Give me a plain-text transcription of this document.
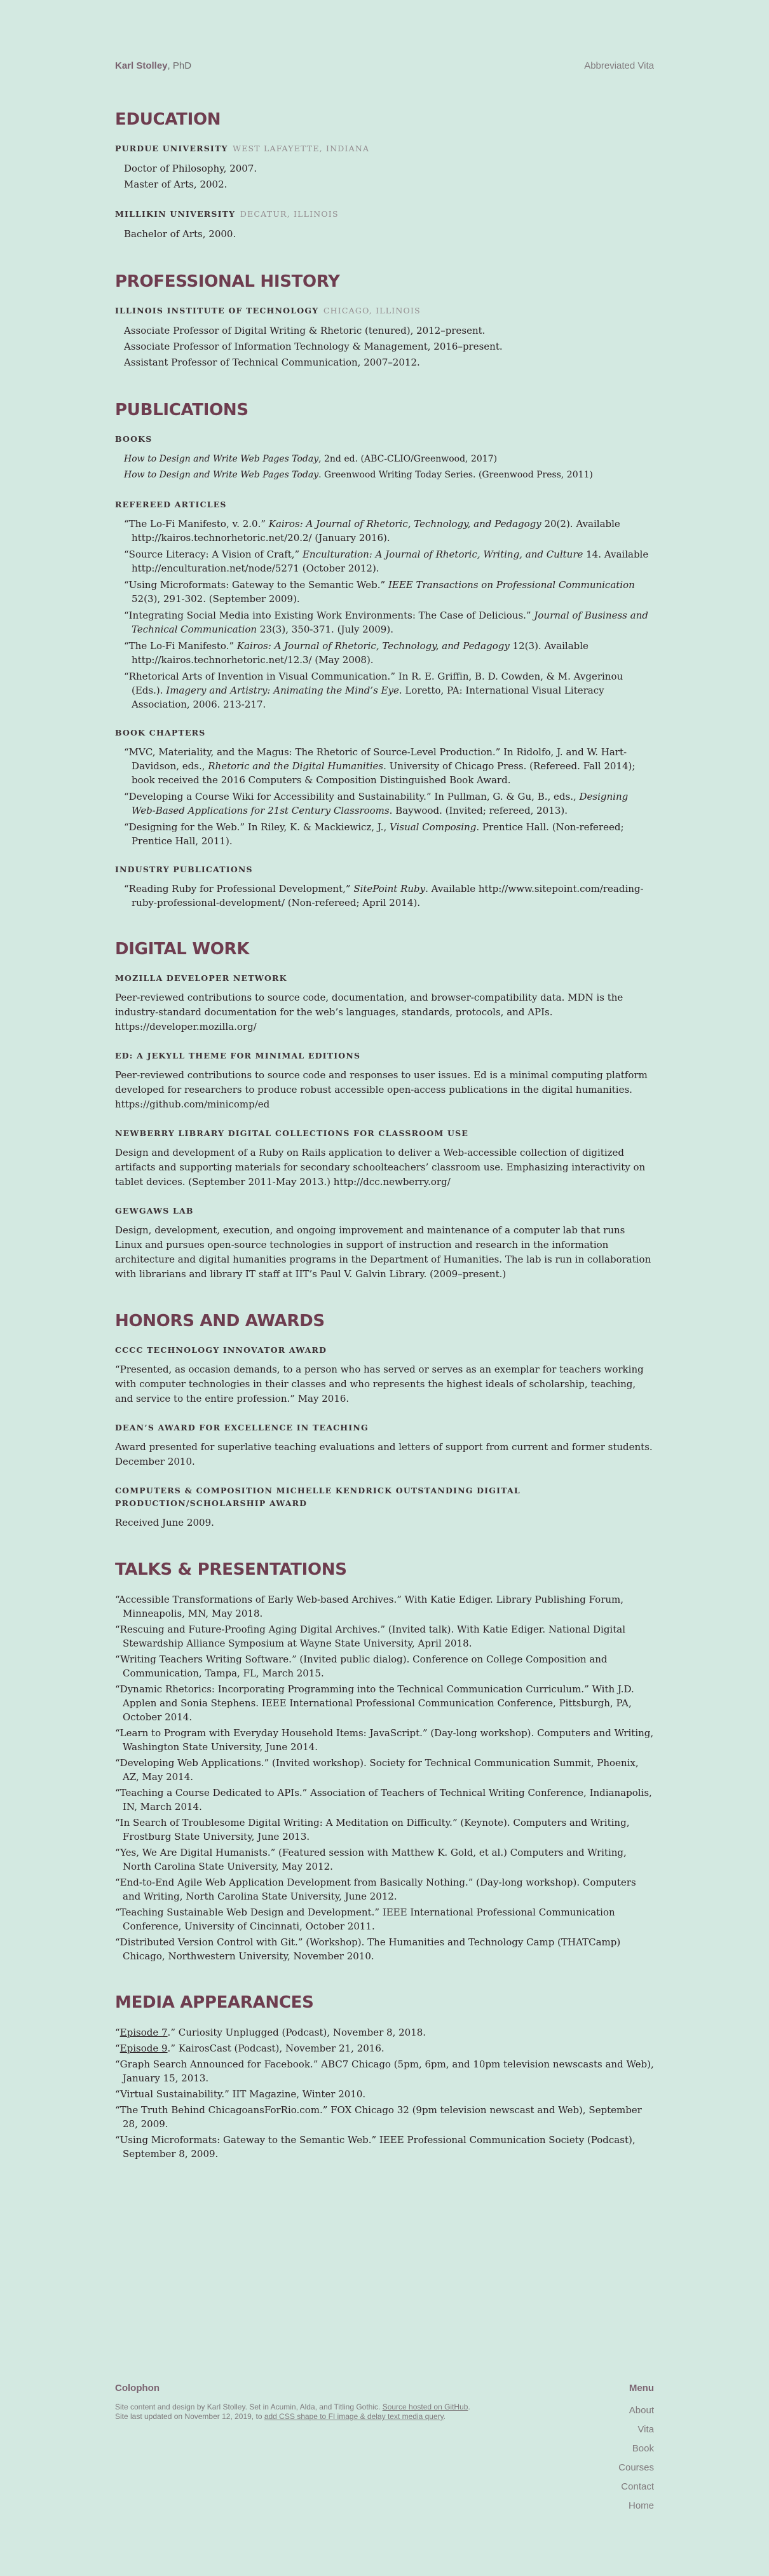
Karl Stolley, PhD	Abbreviated Vita
EDUCATION
PURDUE UNIVERSITY WEST LAFAYETTE, INDIANA
Doctor of Philosophy, 2007.
Master of Arts, 2002.
MILLIKIN UNIVERSITY DECATUR, ILLINOIS
Bachelor of Arts, 2000.
PROFESSIONAL HISTORY
ILLINOIS INSTITUTE OF TECHNOLOGY CHICAGO, ILLINOIS
Associate Professor of Digital Writing & Rhetoric (tenured), 2012–present.
Associate Professor of Information Technology & Management, 2016–present.
Assistant Professor of Technical Communication, 2007–2012.
PUBLICATIONS
BOOKS
How to Design and Write Web Pages Today, 2nd ed. (ABC-CLIO/Greenwood, 2017)
How to Design and Write Web Pages Today. Greenwood Writing Today Series. (Greenwood Press, 2011)
REFEREED ARTICLES
“The Lo-Fi Manifesto, v. 2.0.” Kairos: A Journal of Rhetoric, Technology, and Pedagogy 20(2). Available http://kairos.technorhetoric.net/20.2/ (January 2016).
“Source Literacy: A Vision of Craft,” Enculturation: A Journal of Rhetoric, Writing, and Culture 14. Available http://enculturation.net/node/5271 (October 2012).
“Using Microformats: Gateway to the Semantic Web.” IEEE Transactions on Professional Communication 52(3), 291-302. (September 2009).
“Integrating Social Media into Existing Work Environments: The Case of Delicious.” Journal of Business and Technical Communication 23(3), 350-371. (July 2009).
“The Lo-Fi Manifesto.” Kairos: A Journal of Rhetoric, Technology, and Pedagogy 12(3). Available http://kairos.technorhetoric.net/12.3/ (May 2008).
“Rhetorical Arts of Invention in Visual Communication.” In R. E. Griffin, B. D. Cowden, & M. Avgerinou (Eds.). Imagery and Artistry: Animating the Mind’s Eye. Loretto, PA: International Visual Literacy Association, 2006. 213-217.
BOOK CHAPTERS
“MVC, Materiality, and the Magus: The Rhetoric of Source-Level Production.” In Ridolfo, J. and W. Hart-Davidson, eds., Rhetoric and the Digital Humanities. University of Chicago Press. (Refereed. Fall 2014); book received the 2016 Computers & Composition Distinguished Book Award.
“Developing a Course Wiki for Accessibility and Sustainability.” In Pullman, G. & Gu, B., eds., Designing Web-Based Applications for 21st Century Classrooms. Baywood. (Invited; refereed, 2013).
“Designing for the Web.” In Riley, K. & Mackiewicz, J., Visual Composing. Prentice Hall. (Non-refereed; Prentice Hall, 2011).
INDUSTRY PUBLICATIONS
“Reading Ruby for Professional Development,” SitePoint Ruby. Available http://www.sitepoint.com/reading-ruby-professional-development/ (Non-refereed; April 2014).
DIGITAL WORK
MOZILLA DEVELOPER NETWORK
Peer-reviewed contributions to source code, documentation, and browser-compatibility data. MDN is the industry-standard documentation for the web’s languages, standards, protocols, and APIs. https://developer.mozilla.org/
ED: A JEKYLL THEME FOR MINIMAL EDITIONS
Peer-reviewed contributions to source code and responses to user issues. Ed is a minimal computing platform developed for researchers to produce robust accessible open-access publications in the digital humanities. https://github.com/minicomp/ed
NEWBERRY LIBRARY DIGITAL COLLECTIONS FOR CLASSROOM USE
Design and development of a Ruby on Rails application to deliver a Web-accessible collection of digitized artifacts and supporting materials for secondary schoolteachers’ classroom use. Emphasizing interactivity on tablet devices. (September 2011-May 2013.) http://dcc.newberry.org/
GEWGAWS LAB
Design, development, execution, and ongoing improvement and maintenance of a computer lab that runs Linux and pursues open-source technologies in support of instruction and research in the information architecture and digital humanities programs in the Department of Humanities. The lab is run in collaboration with librarians and library IT staff at IIT’s Paul V. Galvin Library. (2009–present.)
HONORS AND AWARDS
CCCC TECHNOLOGY INNOVATOR AWARD
“Presented, as occasion demands, to a person who has served or serves as an exemplar for teachers working with computer technologies in their classes and who represents the highest ideals of scholarship, teaching, and service to the entire profession.” May 2016.
DEAN’S AWARD FOR EXCELLENCE IN TEACHING
Award presented for superlative teaching evaluations and letters of support from current and former students. December 2010.
COMPUTERS & COMPOSITION MICHELLE KENDRICK OUTSTANDING DIGITAL PRODUCTION/SCHOLARSHIP AWARD
Received June 2009.
TALKS & PRESENTATIONS
“Accessible Transformations of Early Web-based Archives.” With Katie Ediger. Library Publishing Forum, Minneapolis, MN, May 2018.
“Rescuing and Future-Proofing Aging Digital Archives.” (Invited talk). With Katie Ediger. National Digital Stewardship Alliance Symposium at Wayne State University, April 2018.
“Writing Teachers Writing Software.” (Invited public dialog). Conference on College Composition and Communication, Tampa, FL, March 2015.
“Dynamic Rhetorics: Incorporating Programming into the Technical Communication Curriculum.” With J.D. Applen and Sonia Stephens. IEEE International Professional Communication Conference, Pittsburgh, PA, October 2014.
“Learn to Program with Everyday Household Items: JavaScript.” (Day-long workshop). Computers and Writing, Washington State University, June 2014.
“Developing Web Applications.” (Invited workshop). Society for Technical Communication Summit, Phoenix, AZ, May 2014.
“Teaching a Course Dedicated to APIs.” Association of Teachers of Technical Writing Conference, Indianapolis, IN, March 2014.
“In Search of Troublesome Digital Writing: A Meditation on Difficulty.” (Keynote). Computers and Writing, Frostburg State University, June 2013.
“Yes, We Are Digital Humanists.” (Featured session with Matthew K. Gold, et al.) Computers and Writing, North Carolina State University, May 2012.
“End-to-End Agile Web Application Development from Basically Nothing.” (Day-long workshop). Computers and Writing, North Carolina State University, June 2012.
“Teaching Sustainable Web Design and Development.” IEEE International Professional Communication Conference, University of Cincinnati, October 2011.
“Distributed Version Control with Git.” (Workshop). The Humanities and Technology Camp (THATCamp) Chicago, Northwestern University, November 2010.
MEDIA APPEARANCES
“Episode 7.” Curiosity Unplugged (Podcast), November 8, 2018.
“Episode 9.” KairosCast (Podcast), November 21, 2016.
“Graph Search Announced for Facebook.” ABC7 Chicago (5pm, 6pm, and 10pm television newscasts and Web), January 15, 2013.
“Virtual Sustainability.” IIT Magazine, Winter 2010.
“The Truth Behind ChicagoansForRio.com.” FOX Chicago 32 (9pm television newscast and Web), September 28, 2009.
“Using Microformats: Gateway to the Semantic Web.” IEEE Professional Communication Society (Podcast), September 8, 2009.
Colophon
Site content and design by Karl Stolley. Set in Acumin, Alda, and Titling Gothic. Source hosted on GitHub. Site last updated on November 12, 2019, to add CSS shape to FI image & delay text media query.
Menu
About
Vita
Book
Courses
Contact
Home
